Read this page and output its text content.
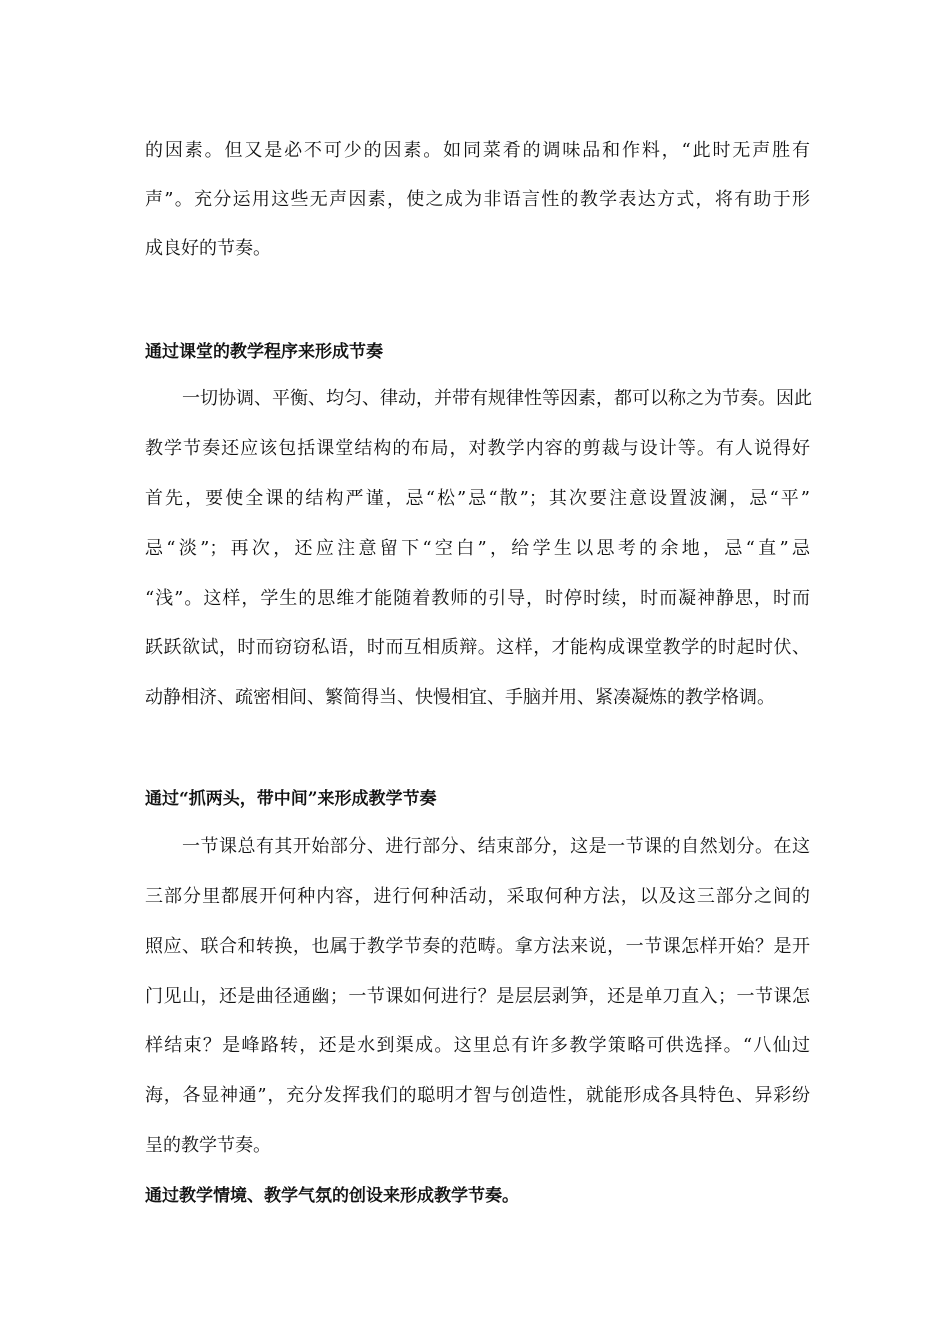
的因素。但又是必不可少的因素。如同菜肴的调味品和作料，“此时无声胜有
声”。充分运用这些无声因素，使之成为非语言性的教学表达方式，将有助于形
成良好的节奏。
通过课堂的教学程序来形成节奏
一切协调、平衡、均匀、律动，并带有规律性等因素，都可以称之为节奏。因此
教学节奏还应该包括课堂结构的布局，对教学内容的剪裁与设计等。有人说得好
首先，要使全课的结构严谨，忌“松”忌“散”；其次要注意设置波澜，忌“平”
忌“淡”；再次，还应注意留下“空白”，给学生以思考的余地，忌“直”忌
“浅”。这样，学生的思维才能随着教师的引导，时停时续，时而凝神静思，时而
跃跃欲试，时而窃窃私语，时而互相质辩。这样，才能构成课堂教学的时起时伏、
动静相济、疏密相间、繁简得当、快慢相宜、手脑并用、紧凑凝炼的教学格调。
通过“抓两头，带中间”来形成教学节奏
一节课总有其开始部分、进行部分、结束部分，这是一节课的自然划分。在这
三部分里都展开何种内容，进行何种活动，采取何种方法，以及这三部分之间的
照应、联合和转换，也属于教学节奏的范畴。拿方法来说，一节课怎样开始？是开
门见山，还是曲径通幽；一节课如何进行？是层层剥笋，还是单刀直入；一节课怎
样结束？是峰路转，还是水到渠成。这里总有许多教学策略可供选择。“八仙过
海，各显神通”，充分发挥我们的聪明才智与创造性，就能形成各具特色、异彩纷
呈的教学节奏。
通过教学情境、教学气氛的创设来形成教学节奏。
